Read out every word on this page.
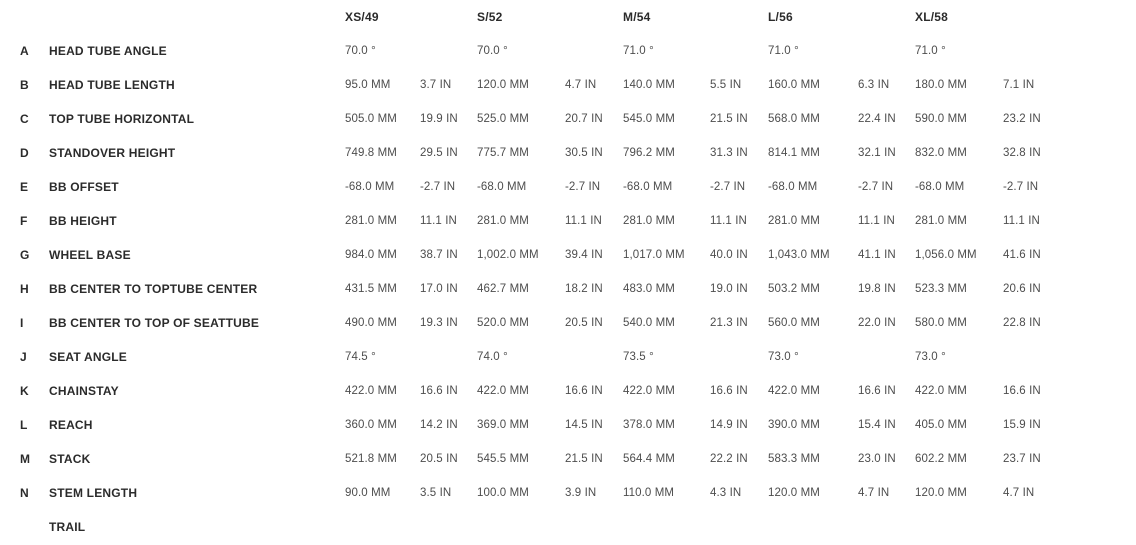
XS/49	S/52	M/54	L/56	XL/58
A	HEAD TUBE ANGLE	70.0 °	70.0 °	71.0 °	71.0 °	71.0 °
B	HEAD TUBE LENGTH	95.0 MM	3.7 IN	120.0 MM	4.7 IN	140.0 MM	5.5 IN	160.0 MM	6.3 IN	180.0 MM	7.1 IN
C	TOP TUBE HORIZONTAL	505.0 MM	19.9 IN	525.0 MM	20.7 IN	545.0 MM	21.5 IN	568.0 MM	22.4 IN	590.0 MM	23.2 IN
D	STANDOVER HEIGHT	749.8 MM	29.5 IN	775.7 MM	30.5 IN	796.2 MM	31.3 IN	814.1 MM	32.1 IN	832.0 MM	32.8 IN
E	BB OFFSET	-68.0 MM	-2.7 IN	-68.0 MM	-2.7 IN	-68.0 MM	-2.7 IN	-68.0 MM	-2.7 IN	-68.0 MM	-2.7 IN
F	BB HEIGHT	281.0 MM	11.1 IN	281.0 MM	11.1 IN	281.0 MM	11.1 IN	281.0 MM	11.1 IN	281.0 MM	11.1 IN
G	WHEEL BASE	984.0 MM	38.7 IN	1,002.0 MM	39.4 IN	1,017.0 MM	40.0 IN	1,043.0 MM	41.1 IN	1,056.0 MM	41.6 IN
H	BB CENTER TO TOPTUBE CENTER	431.5 MM	17.0 IN	462.7 MM	18.2 IN	483.0 MM	19.0 IN	503.2 MM	19.8 IN	523.3 MM	20.6 IN
I	BB CENTER TO TOP OF SEATTUBE	490.0 MM	19.3 IN	520.0 MM	20.5 IN	540.0 MM	21.3 IN	560.0 MM	22.0 IN	580.0 MM	22.8 IN
J	SEAT ANGLE	74.5 °	74.0 °	73.5 °	73.0 °	73.0 °
K	CHAINSTAY	422.0 MM	16.6 IN	422.0 MM	16.6 IN	422.0 MM	16.6 IN	422.0 MM	16.6 IN	422.0 MM	16.6 IN
L	REACH	360.0 MM	14.2 IN	369.0 MM	14.5 IN	378.0 MM	14.9 IN	390.0 MM	15.4 IN	405.0 MM	15.9 IN
M	STACK	521.8 MM	20.5 IN	545.5 MM	21.5 IN	564.4 MM	22.2 IN	583.3 MM	23.0 IN	602.2 MM	23.7 IN
N	STEM LENGTH	90.0 MM	3.5 IN	100.0 MM	3.9 IN	110.0 MM	4.3 IN	120.0 MM	4.7 IN	120.0 MM	4.7 IN
TRAIL
